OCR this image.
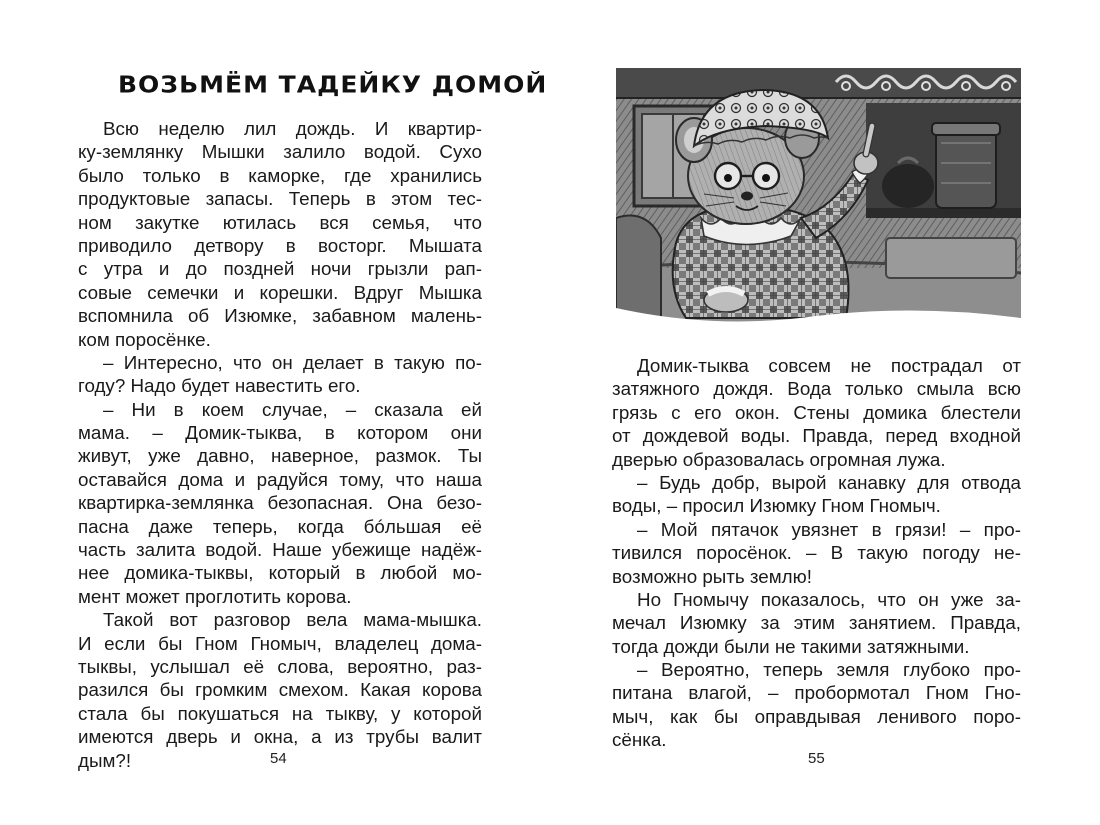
ВОЗЬМЁМ ТАДЕЙКУ ДОМОЙ
Всю неделю лил дождь. И квартир-
ку-землянку Мышки залило водой. Сухо
было только в каморке, где хранились
продуктовые запасы. Теперь в этом тес-
ном закутке ютилась вся семья, что
приводило детвору в восторг. Мышата
с утра и до поздней ночи грызли рап-
совые семечки и корешки. Вдруг Мышка
вспомнила об Изюмке, забавном малень-
ком поросёнке.
– Интересно, что он делает в такую по-
году? Надо будет навестить его.
– Ни в коем случае, – сказала ей
мама. – Домик-тыква, в котором они
живут, уже давно, наверное, размок. Ты
оставайся дома и радуйся тому, что наша
квартирка-землянка безопасная. Она безо-
пасна даже теперь, когда бóльшая её
часть залита водой. Наше убежище надёж-
нее домика-тыквы, который в любой мо-
мент может проглотить корова.
Такой вот разговор вела мама-мышка.
И если бы Гном Гномыч, владелец домa-
тыквы, услышал её слова, вероятно, раз-
разился бы громким смехом. Какая корова
стала бы покушаться на тыкву, у которой
имеются дверь и окна, а из трубы валит
дым?!	54
Домик-тыква совсем не пострадал от
затяжного дождя. Вода только смыла всю
грязь с его окон. Стены домика блестели
от дождевой воды. Правда, перед входной
дверью образовалась огромная лужа.
– Будь добр, вырой канавку для отвода
воды, – просил Изюмку Гном Гномыч.
– Мой пятачок увязнет в грязи! – про-
тивился поросёнок. – В такую погоду не-
возможно рыть землю!
Но Гномычу показалось, что он уже за-
мечал Изюмку за этим занятием. Правда,
тогда дожди были не такими затяжными.
– Вероятно, теперь земля глубоко про-
питана влагой, – пробормотал Гном Гно-
мыч, как бы оправдывая ленивого поро-
сёнка.
55
